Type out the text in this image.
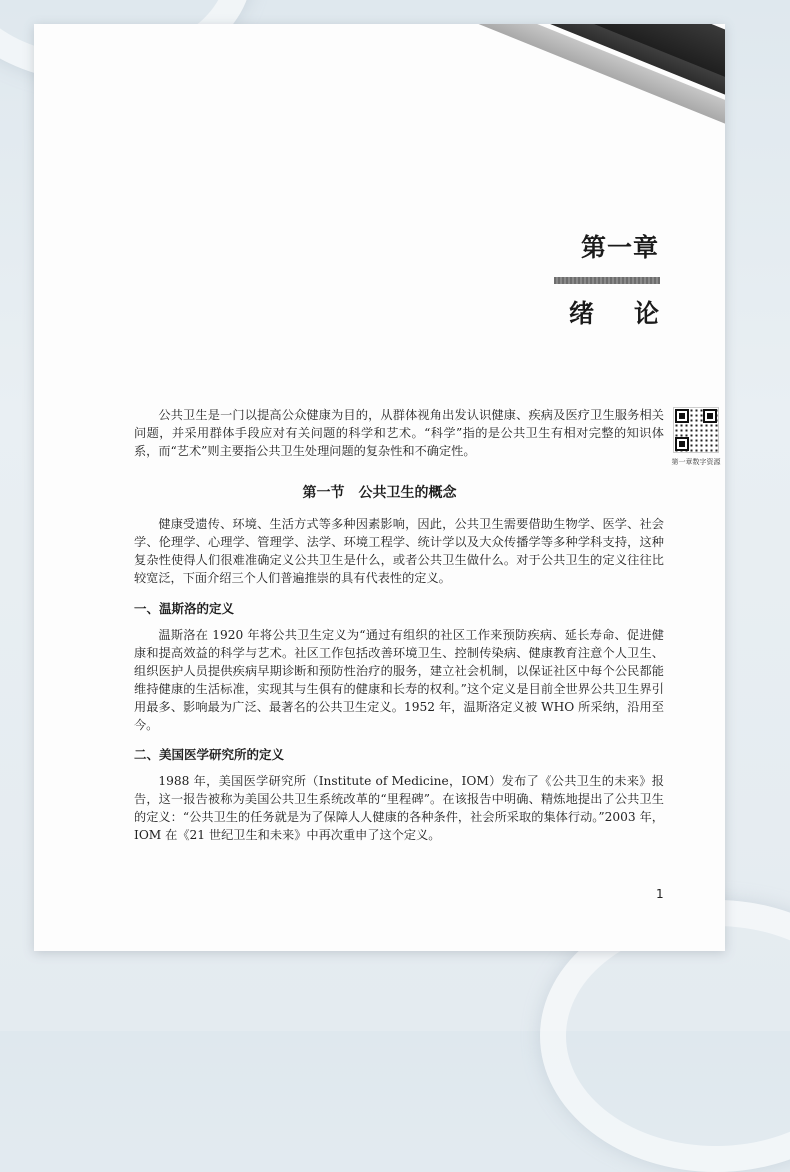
第一章
绪论
第一章数字资源

公共卫生是一门以提高公众健康为目的，从群体视角出发认识健康、疾病及医疗卫生服务相关问题，并采用群体手段应对有关问题的科学和艺术。“科学”指的是公共卫生有相对完整的知识体系，而“艺术”则主要指公共卫生处理问题的复杂性和不确定性。

第一节　公共卫生的概念

健康受遗传、环境、生活方式等多种因素影响，因此，公共卫生需要借助生物学、医学、社会学、伦理学、心理学、管理学、法学、环境工程学、统计学以及大众传播学等多种学科支持，这种复杂性使得人们很难准确定义公共卫生是什么，或者公共卫生做什么。对于公共卫生的定义往往比较宽泛，下面介绍三个人们普遍推崇的具有代表性的定义。

一、温斯洛的定义

温斯洛在 1920 年将公共卫生定义为“通过有组织的社区工作来预防疾病、延长寿命、促进健康和提高效益的科学与艺术。社区工作包括改善环境卫生、控制传染病、健康教育注意个人卫生、组织医护人员提供疾病早期诊断和预防性治疗的服务，建立社会机制，以保证社区中每个公民都能维持健康的生活标准，实现其与生俱有的健康和长寿的权利。”这个定义是目前全世界公共卫生界引用最多、影响最为广泛、最著名的公共卫生定义。1952 年，温斯洛定义被 WHO 所采纳，沿用至今。

二、美国医学研究所的定义

1988 年，美国医学研究所（Institute of Medicine，IOM）发布了《公共卫生的未来》报告，这一报告被称为美国公共卫生系统改革的“里程碑”。在该报告中明确、精炼地提出了公共卫生的定义：“公共卫生的任务就是为了保障人人健康的各种条件，社会所采取的集体行动。”2003 年，IOM 在《21 世纪卫生和未来》中再次重申了这个定义。

1
